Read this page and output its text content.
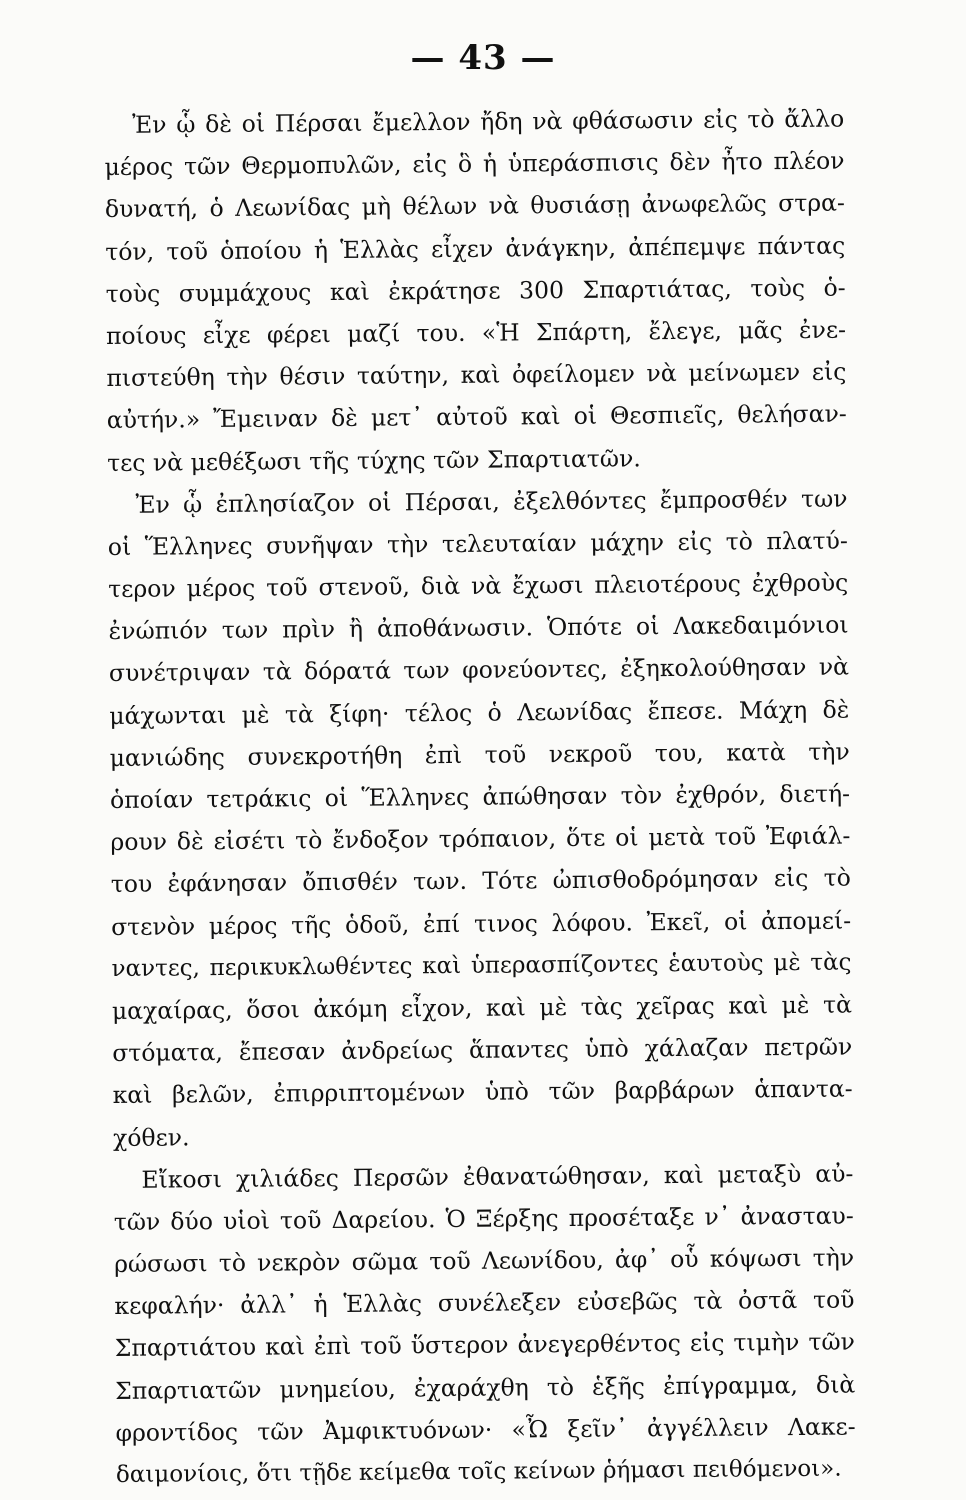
— 43 —
Ἐν ᾧ δὲ οἱ Πέρσαι ἔμελλον ἤδη νὰ φθάσωσιν εἰς τὸ ἄλλο
μέρος τῶν Θερμοπυλῶν, εἰς ὃ ἡ ὑπεράσπισις δὲν ἦτο πλέον
δυνατή, ὁ Λεωνίδας μὴ θέλων νὰ θυσιάσῃ ἀνωφελῶς στρα-
τόν, τοῦ ὁποίου ἡ Ἑλλὰς εἶχεν ἀνάγκην, ἀπέπεμψε πάντας
τοὺς συμμάχους καὶ ἐκράτησε 300 Σπαρτιάτας, τοὺς ὁ-
ποίους εἶχε φέρει μαζί του. «Ἡ Σπάρτη, ἔλεγε, μᾶς ἐνε-
πιστεύθη τὴν θέσιν ταύτην, καὶ ὀφείλομεν νὰ μείνωμεν εἰς
αὐτήν.» Ἔμειναν δὲ μετ᾽ αὐτοῦ καὶ οἱ Θεσπιεῖς, θελήσαν-
τες νὰ μεθέξωσι τῆς τύχης τῶν Σπαρτιατῶν.
Ἐν ᾧ ἐπλησίαζον οἱ Πέρσαι, ἐξελθόντες ἔμπροσθέν των
οἱ Ἕλληνες συνῆψαν τὴν τελευταίαν μάχην εἰς τὸ πλατύ-
τερον μέρος τοῦ στενοῦ, διὰ νὰ ἔχωσι πλειοτέρους ἐχθροὺς
ἐνώπιόν των πρὶν ἢ ἀποθάνωσιν. Ὁπότε οἱ Λακεδαιμόνιοι
συνέτριψαν τὰ δόρατά των φονεύοντες, ἐξηκολούθησαν νὰ
μάχωνται μὲ τὰ ξίφη· τέλος ὁ Λεωνίδας ἔπεσε. Μάχη δὲ
μανιώδης συνεκροτήθη ἐπὶ τοῦ νεκροῦ του, κατὰ τὴν
ὁποίαν τετράκις οἱ Ἕλληνες ἀπώθησαν τὸν ἐχθρόν, διετή-
ρουν δὲ εἰσέτι τὸ ἔνδοξον τρόπαιον, ὅτε οἱ μετὰ τοῦ Ἐφιάλ-
του ἐφάνησαν ὄπισθέν των. Τότε ὠπισθοδρόμησαν εἰς τὸ
στενὸν μέρος τῆς ὁδοῦ, ἐπί τινος λόφου. Ἐκεῖ, οἱ ἀπομεί-
ναντες, περικυκλωθέντες καὶ ὑπερασπίζοντες ἑαυτοὺς μὲ τὰς
μαχαίρας, ὅσοι ἀκόμη εἶχον, καὶ μὲ τὰς χεῖρας καὶ μὲ τὰ
στόματα, ἔπεσαν ἀνδρείως ἅπαντες ὑπὸ χάλαζαν πετρῶν
καὶ βελῶν, ἐπιρριπτομένων ὑπὸ τῶν βαρβάρων ἁπαντα-
χόθεν.
Εἴκοσι χιλιάδες Περσῶν ἐθανατώθησαν, καὶ μεταξὺ αὐ-
τῶν δύο υἱοὶ τοῦ Δαρείου. Ὁ Ξέρξης προσέταξε ν᾽ ἀνασταυ-
ρώσωσι τὸ νεκρὸν σῶμα τοῦ Λεωνίδου, ἀφ᾽ οὗ κόψωσι τὴν
κεφαλήν· ἀλλ᾽ ἡ Ἑλλὰς συνέλεξεν εὐσεβῶς τὰ ὀστᾶ τοῦ
Σπαρτιάτου καὶ ἐπὶ τοῦ ὕστερον ἀνεγερθέντος εἰς τιμὴν τῶν
Σπαρτιατῶν μνημείου, ἐχαράχθη τὸ ἑξῆς ἐπίγραμμα, διὰ
φροντίδος τῶν Ἀμφικτυόνων· «Ὦ ξεῖν᾽ ἀγγέλλειν Λακε-
δαιμονίοις, ὅτι τῇδε κείμεθα τοῖς κείνων ῥήμασι πειθόμενοι».
